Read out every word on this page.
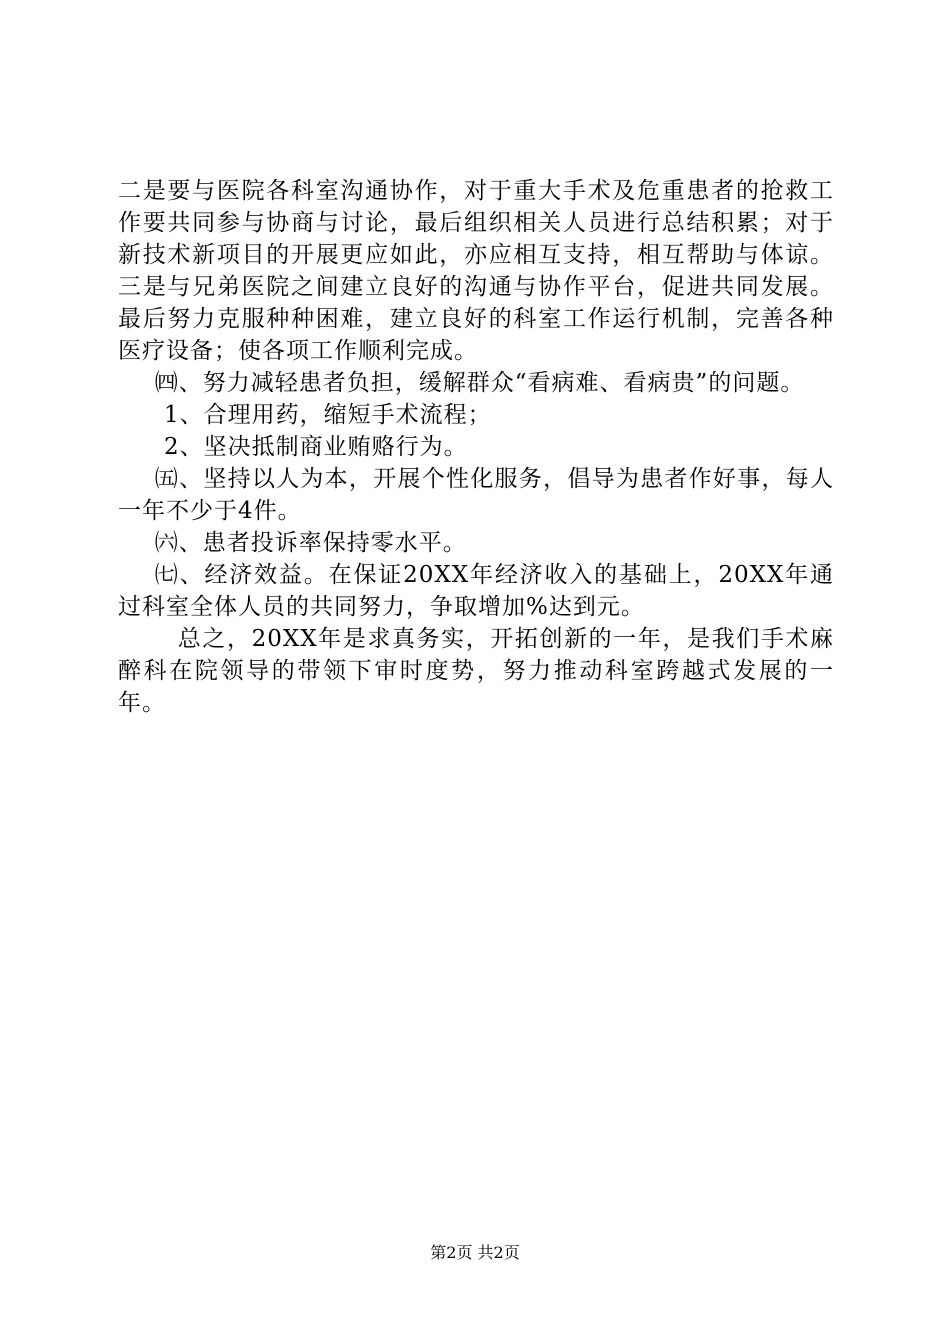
二是要与医院各科室沟通协作，对于重大手术及危重患者的抢救工作要共同参与协商与讨论，最后组织相关人员进行总结积累；对于新技术新项目的开展更应如此，亦应相互支持，相互帮助与体谅。三是与兄弟医院之间建立良好的沟通与协作平台，促进共同发展。最后努力克服种种困难，建立良好的科室工作运行机制，完善各种医疗设备；使各项工作顺利完成。

㈣、努力减轻患者负担，缓解群众“看病难、看病贵”的问题。

1、合理用药，缩短手术流程；

2、坚决抵制商业贿赂行为。

㈤、坚持以人为本，开展个性化服务，倡导为患者作好事，每人一年不少于4件。

㈥、患者投诉率保持零水平。

㈦、经济效益。在保证20XX年经济收入的基础上，20XX年通过科室全体人员的共同努力，争取增加%达到元。

总之，20XX年是求真务实，开拓创新的一年，是我们手术麻醉科在院领导的带领下审时度势，努力推动科室跨越式发展的一年。

第2页 共2页
